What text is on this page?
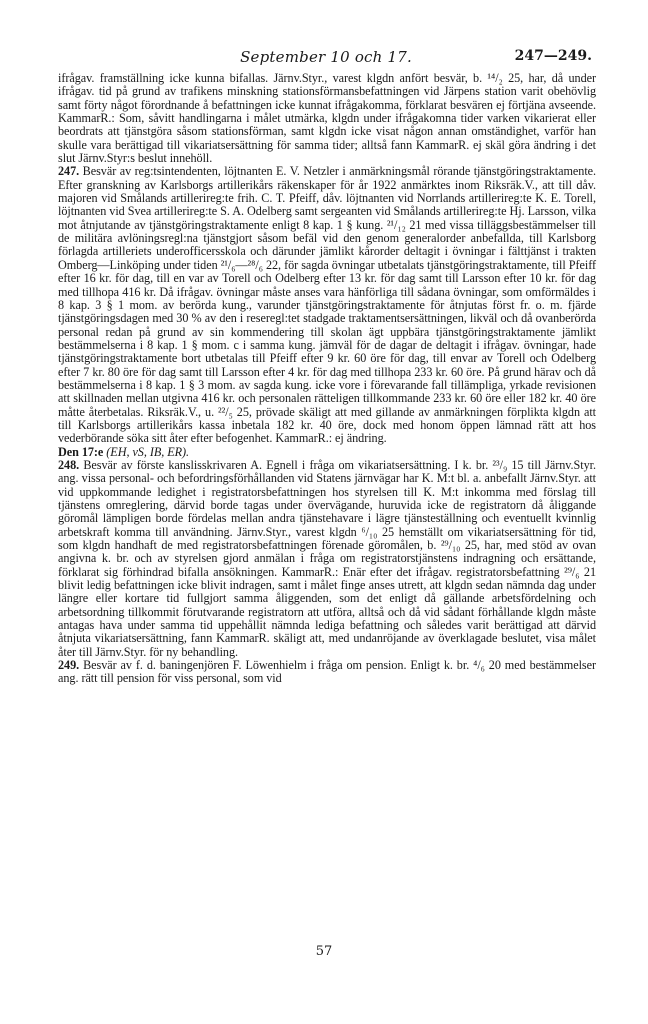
September 10 och 17.	247—249.

ifrågav. framställning icke kunna bifallas. Järnv.Styr., varest klgdn anfört besvär, b. ¹⁴/₂ 25, har, då under ifrågav. tid på grund av trafikens minskning stationsförmansbefattningen vid Järpens station varit obehövlig samt förty något förordnande å befattningen icke kunnat ifrågakomma, förklarat besvären ej förtjäna avseende. KammarR.: Som, såvitt handlingarna i målet utmärka, klgdn under ifrågakomna tider varken vikarierat eller beordrats att tjänstgöra såsom stationsförman, samt klgdn icke visat någon annan omständighet, varför han skulle vara berättigad till vikariatsersättning för samma tider; alltså fann KammarR. ej skäl göra ändring i det slut Järnv.Styr:s beslut innehöll.

247. Besvär av reg:tsintendenten, löjtnanten E. V. Netzler i anmärkningsmål rörande tjänstgöringstraktamente. Efter granskning av Karlsborgs artillerikårs räkenskaper för år 1922 anmärktes inom Riksräk.V., att till dåv. majoren vid Smålands artillerireg:te frih. C. T. Pfeiff, dåv. löjtnanten vid Norrlands artillerireg:te K. E. Torell, löjtnanten vid Svea artillerireg:te S. A. Odelberg samt sergeanten vid Smålands artillerireg:te Hj. Larsson, vilka mot åtnjutande av tjänstgöringstraktamente enligt 8 kap. 1 § kung. ²¹/₁₂ 21 med vissa tilläggsbestämmelser till de militära avlöningsregl:na tjänstgjort såsom befäl vid den genom generalorder anbefallda, till Karlsborg förlagda artilleriets underofficersskola och därunder jämlikt kårorder deltagit i övningar i fälttjänst i trakten Omberg—Linköping under tiden ²¹/₆—²⁸/₆ 22, för sagda övningar utbetalats tjänstgöringstraktamente, till Pfeiff efter 16 kr. för dag, till en var av Torell och Odelberg efter 13 kr. för dag samt till Larsson efter 10 kr. för dag med tillhopa 416 kr. Då ifrågav. övningar måste anses vara hänförliga till sådana övningar, som omförmäldes i 8 kap. 3 § 1 mom. av berörda kung., varunder tjänstgöringstraktamente för åtnjutas först fr. o. m. fjärde tjänstgöringsdagen med 30 % av den i reseregl:tet stadgade traktamentsersättningen, likväl och då ovanberörda personal redan på grund av sin kommendering till skolan ägt uppbära tjänstgöringstraktamente jämlikt bestämmelserna i 8 kap. 1 § mom. c i samma kung. jämväl för de dagar de deltagit i ifrågav. övningar, hade tjänstgöringstraktamente bort utbetalas till Pfeiff efter 9 kr. 60 öre för dag, till envar av Torell och Odelberg efter 7 kr. 80 öre för dag samt till Larsson efter 4 kr. för dag med tillhopa 233 kr. 60 öre. På grund härav och då bestämmelserna i 8 kap. 1 § 3 mom. av sagda kung. icke vore i förevarande fall tillämpliga, yrkade revisionen att skillnaden mellan utgivna 416 kr. och personalen rätteligen tillkommande 233 kr. 60 öre eller 182 kr. 40 öre måtte återbetalas. Riksräk.V., u. ²²/₅ 25, prövade skäligt att med gillande av anmärkningen förplikta klgdn att till Karlsborgs artillerikårs kassa inbetala 182 kr. 40 öre, dock med honom öppen lämnad rätt att hos vederbörande söka sitt åter efter befogenhet. KammarR.: ej ändring.

Den 17:e (EH, vS, IB, ER).

248. Besvär av förste kanslisskrivaren A. Egnell i fråga om vikariatsersättning. I k. br. ²³/₉ 15 till Järnv.Styr. ang. vissa personal- och befordringsförhållanden vid Statens järnvägar har K. M:t bl. a. anbefallt Järnv.Styr. att vid uppkommande ledighet i registratorsbefattningen hos styrelsen till K. M:t inkomma med förslag till tjänstens omreglering, därvid borde tagas under övervägande, huruvida icke de registratorn då åliggande göromål lämpligen borde fördelas mellan andra tjänstehavare i lägre tjänsteställning och eventuellt kvinnlig arbetskraft komma till användning. Järnv.Styr., varest klgdn ⁶/₁₀ 25 hemställt om vikariatsersättning för tid, som klgdn handhaft de med registratorsbefattningen förenade göromålen, b. ²⁹/₁₀ 25, har, med stöd av ovan angivna k. br. och av styrelsen gjord anmälan i fråga om registratorstjänstens indragning och ersättande, förklarat sig förhindrad bifalla ansökningen. KammarR.: Enär efter det ifrågav. registratorsbefattning ²⁹/₆ 21 blivit ledig befattningen icke blivit indragen, samt i målet finge anses utrett, att klgdn sedan nämnda dag under längre eller kortare tid fullgjort samma åliggenden, som det enligt då gällande arbetsfördelning och arbetsordning tillkommit förutvarande registratorn att utföra, alltså och då vid sådant förhållande klgdn måste antagas hava under samma tid uppehållit nämnda lediga befattning och således varit berättigad att därvid åtnjuta vikariatsersättning, fann KammarR. skäligt att, med undanröjande av överklagade beslutet, visa målet åter till Järnv.Styr. för ny behandling.

249. Besvär av f. d. baningenjören F. Löwenhielm i fråga om pension. Enligt k. br. ⁴/₆ 20 med bestämmelser ang. rätt till pension för viss personal, som vid

57
